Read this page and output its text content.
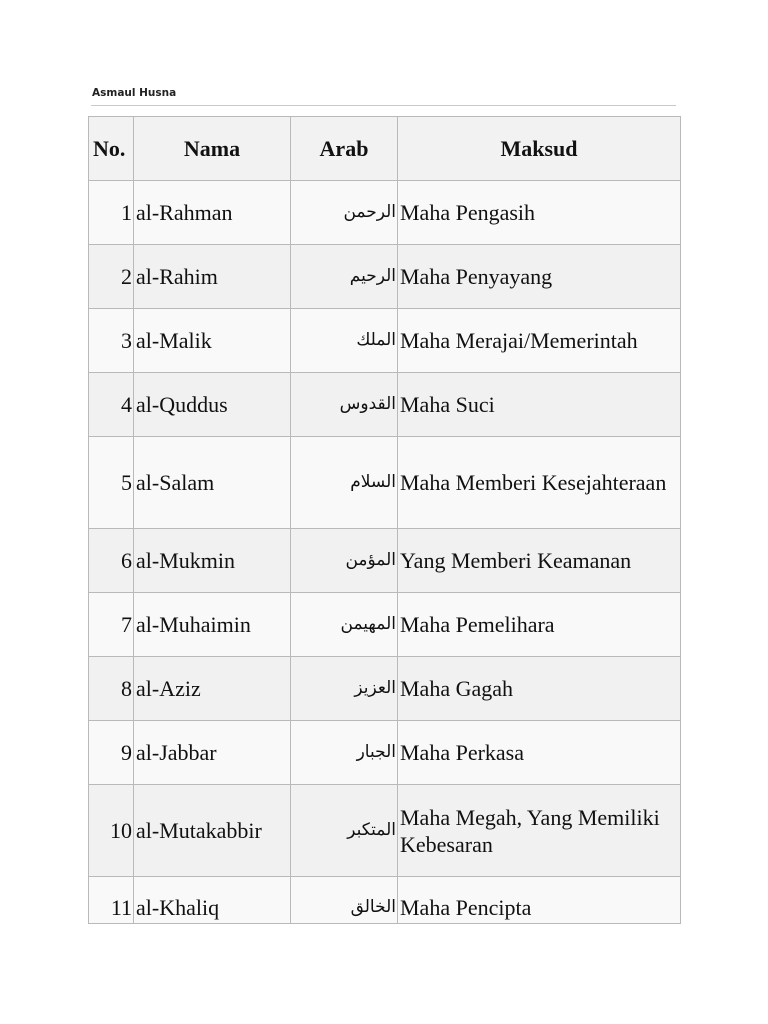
Asmaul Husna
No.	Nama	Arab	Maksud
1	al-Rahman	الرحمن	Maha Pengasih
2	al-Rahim	الرحيم	Maha Penyayang
3	al-Malik	الملك	Maha Merajai/Memerintah
4	al-Quddus	القدوس	Maha Suci
5	al-Salam	السلام	Maha Memberi Kesejahteraan
6	al-Mukmin	المؤمن	Yang Memberi Keamanan
7	al-Muhaimin	المهيمن	Maha Pemelihara
8	al-Aziz	العزيز	Maha Gagah
9	al-Jabbar	الجبار	Maha Perkasa
10	al-Mutakabbir	المتكبر	Maha Megah, Yang Memiliki Kebesaran
11	al-Khaliq	الخالق	Maha Pencipta
